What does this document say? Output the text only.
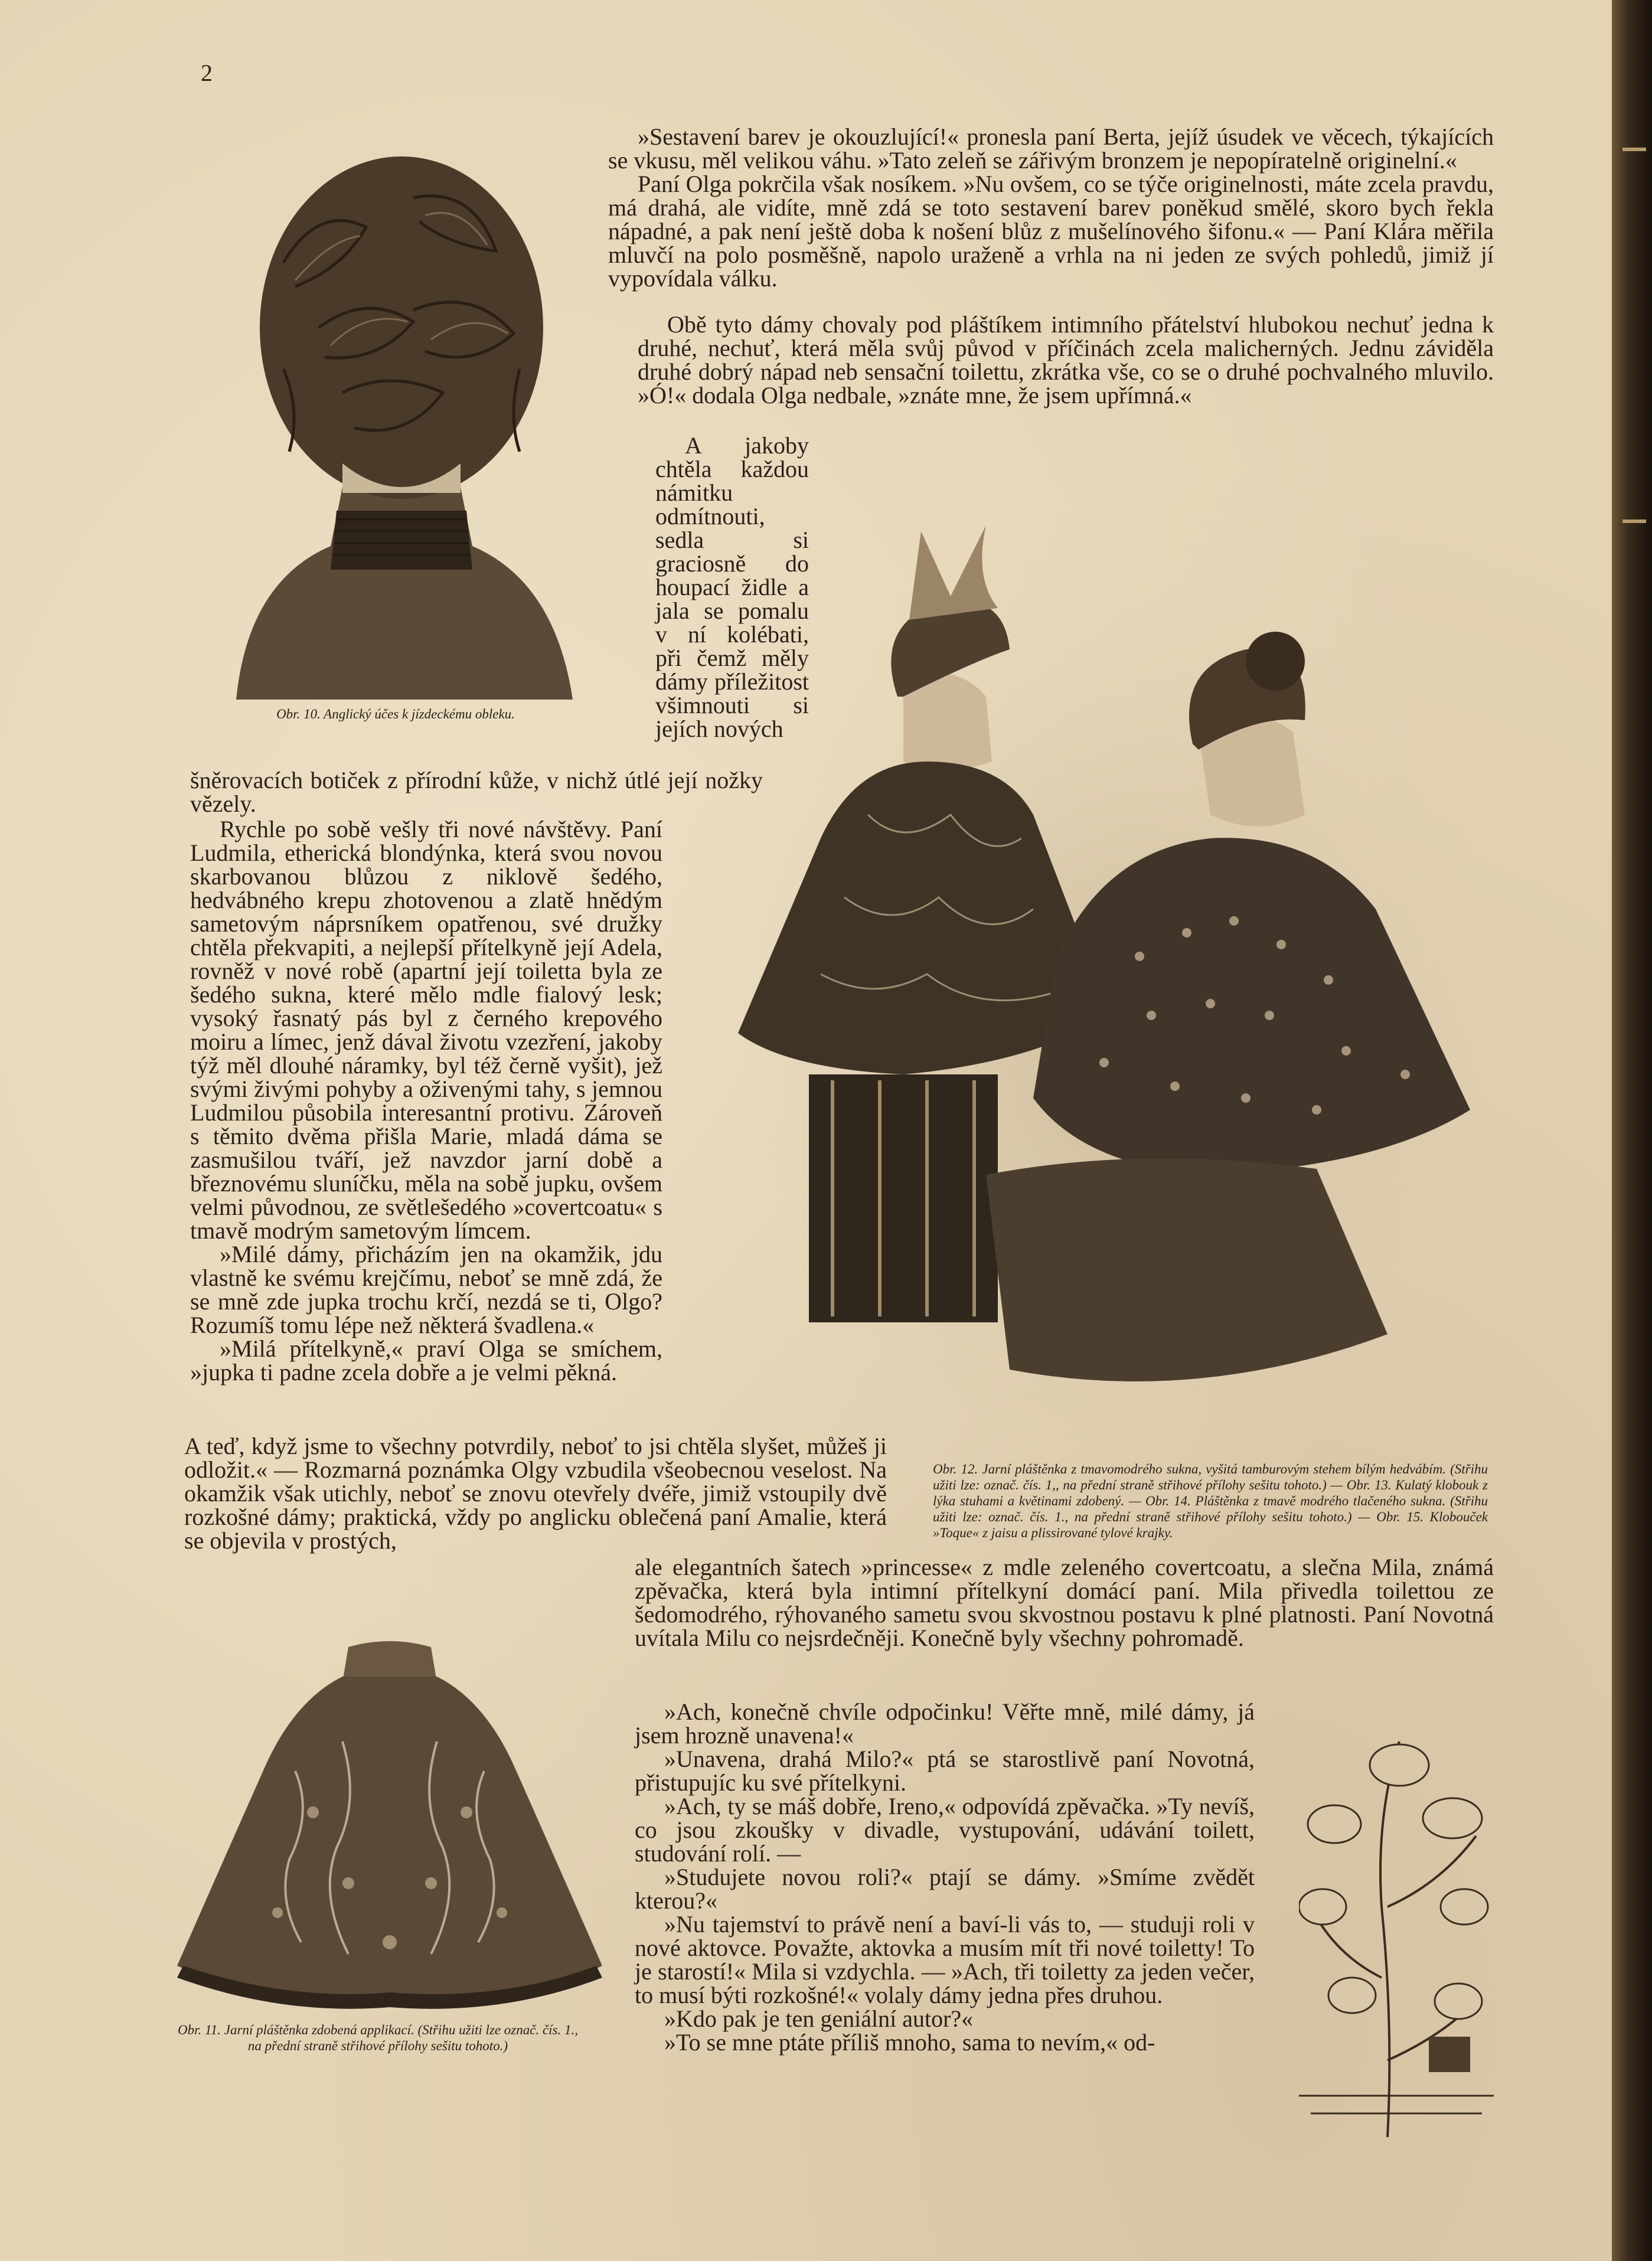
2

Obr. 10. Anglický účes k jízdeckému obleku.

»Sestavení barev je okouzlující!« pronesla paní Berta, jejíž úsudek ve věcech, týkajících se vkusu, měl velikou váhu. »Tato zeleň se zářivým bronzem je nepopíratelně originelní.«

Paní Olga pokrčila však nosíkem. »Nu ovšem, co se týče originelnosti, máte zcela pravdu, má drahá, ale vidíte, mně zdá se toto sestavení barev poněkud smělé, skoro bych řekla nápadné, a pak není ještě doba k nošení blůz z mušelínového šifonu.« — Paní Klára měřila mluvčí na polo posměšně, napolo uraženě a vrhla na ni jeden ze svých pohledů, jimiž jí vypovídala válku.

Obě tyto dámy chovaly pod pláštíkem intimního přátelství hlubokou nechuť jedna k druhé, nechuť, která měla svůj původ v příčinách zcela malicherných. Jednu záviděla druhé dobrý nápad neb sensační toilettu, zkrátka vše, co se o druhé pochvalného mluvilo. »Ó!« dodala Olga nedbale, »znáte mne, že jsem upřímná.«

A jakoby chtěla každou námitku odmítnouti, sedla si graciosně do houpací židle a jala se pomalu v ní kolébati, při čemž měly dámy příležitost všimnouti si jejích nových

šněrovacích botiček z přírodní kůže, v nichž útlé její nožky vězely.

Rychle po sobě vešly tři nové návštěvy. Paní Ludmila, etherická blondýnka, která svou novou skarbovanou blůzou z niklově šedého, hedvábného krepu zhotovenou a zlatě hnědým sametovým náprsníkem opatřenou, své družky chtěla překvapiti, a nejlepší přítelkyně její Adela, rovněž v nové robě (apartní její toiletta byla ze šedého sukna, které mělo mdle fialový lesk; vysoký řasnatý pás byl z černého krepového moiru a límec, jenž dával životu vzezření, jakoby týž měl dlouhé náramky, byl též černě vyšit), jež svými živými pohyby a oživenými tahy, s jemnou Ludmilou působila interesantní protivu. Zároveň s těmito dvěma přišla Marie, mladá dáma se zasmušilou tváří, jež navzdor jarní době a březnovému sluníčku, měla na sobě jupku, ovšem velmi původnou, ze světlešedého »covertcoatu« s tmavě modrým sametovým límcem.

»Milé dámy, přicházím jen na okamžik, jdu vlastně ke svému krejčímu, neboť se mně zdá, že se mně zde jupka trochu krčí, nezdá se ti, Olgo? Rozumíš tomu lépe než některá švadlena.«

»Milá přítelkyně,« praví Olga se smíchem, »jupka ti padne zcela dobře a je velmi pěkná.

Obr. 12. Jarní pláštěnka z tmavomodrého sukna, vyšitá tamburovým stehem bílým hedvábím. (Střihu užiti lze: označ. čís. 1,, na přední straně střihové přílohy sešitu tohoto.) — Obr. 13. Kulatý klobouk z lýka stuhami a květinami zdobený. — Obr. 14. Pláštěnka z tmavě modrého tlačeného sukna. (Střihu užiti lze: označ. čís. 1., na přední straně střihové přílohy sešitu tohoto.) — Obr. 15. Klobouček »Toque« z jaisu a plissirované tylové krajky.

A teď, když jsme to všechny potvrdily, neboť to jsi chtěla slyšet, můžeš ji odložit.« — Rozmarná poznámka Olgy vzbudila všeobecnou veselost. Na okamžik však utichly, neboť se znovu otevřely dvéře, jimiž vstoupily dvě rozkošné dámy; praktická, vždy po anglicku oblečená paní Amalie, která se objevila v prostých,

ale elegantních šatech »princesse« z mdle zeleného covertcoatu, a slečna Mila, známá zpěvačka, která byla intimní přítelkyní domácí paní. Mila přivedla toilettou ze šedomodrého, rýhovaného sametu svou skvostnou postavu k plné platnosti. Paní Novotná uvítala Milu co nejsrdečněji. Konečně byly všechny pohromadě.

»Ach, konečně chvíle odpočinku! Věřte mně, milé dámy, já jsem hrozně unavena!«

»Unavena, drahá Milo?« ptá se starostlivě paní Novotná, přistupujíc ku své přítelkyni.

»Ach, ty se máš dobře, Ireno,« odpovídá zpěvačka. »Ty nevíš, co jsou zkoušky v divadle, vystupování, udávání toilett, studování rolí. —

»Studujete novou roli?« ptají se dámy. »Smíme zvědět kterou?«

»Nu tajemství to právě není a baví-li vás to, — studuji roli v nové aktovce. Považte, aktovka a musím mít tři nové toiletty! To je starostí!« Mila si vzdychla. — »Ach, tři toiletty za jeden večer, to musí býti rozkošné!« volaly dámy jedna přes druhou.

»Kdo pak je ten geniální autor?«

»To se mne ptáte příliš mnoho, sama to nevím,« od-

Obr. 11. Jarní pláštěnka zdobená applikací. (Střihu užiti lze označ. čís. 1., na přední straně střihové přílohy sešitu tohoto.)
